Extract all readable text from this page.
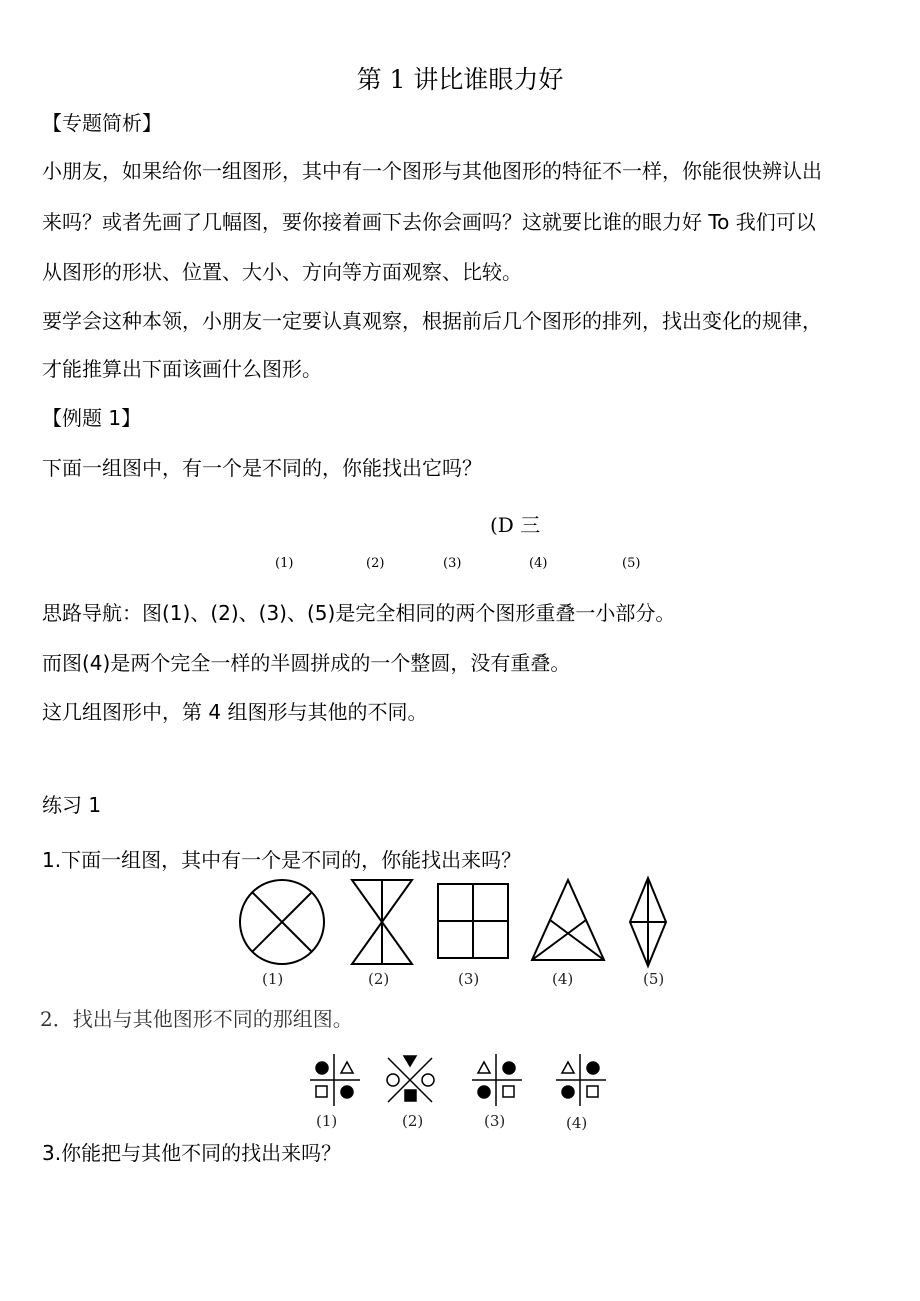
第 1 讲比谁眼力好
【专题简析】
小朋友，如果给你一组图形，其中有一个图形与其他图形的特征不一样，你能很快辨认出
来吗？或者先画了几幅图，要你接着画下去你会画吗？这就要比谁的眼力好 To 我们可以
从图形的形状、位置、大小、方向等方面观察、比较。
要学会这种本领，小朋友一定要认真观察，根据前后几个图形的排列，找出变化的规律，
才能推算出下面该画什么图形。
【例题 1】
下面一组图中，有一个是不同的，你能找出它吗？
(D 三
(1)	(2)	(3)	(4)	(5)
思路导航：图(1)、(2)、(3)、(5)是完全相同的两个图形重叠一小部分。
而图(4)是两个完全一样的半圆拼成的一个整圆，没有重叠。
这几组图形中，第 4 组图形与其他的不同。
练习 1
1.下面一组图，其中有一个是不同的，你能找出来吗？
(1)	(2)	(3)	(4)	(5)
2．找出与其他图形不同的那组图。
(1)	(2)	(3)	(4)
3.你能把与其他不同的找出来吗？
